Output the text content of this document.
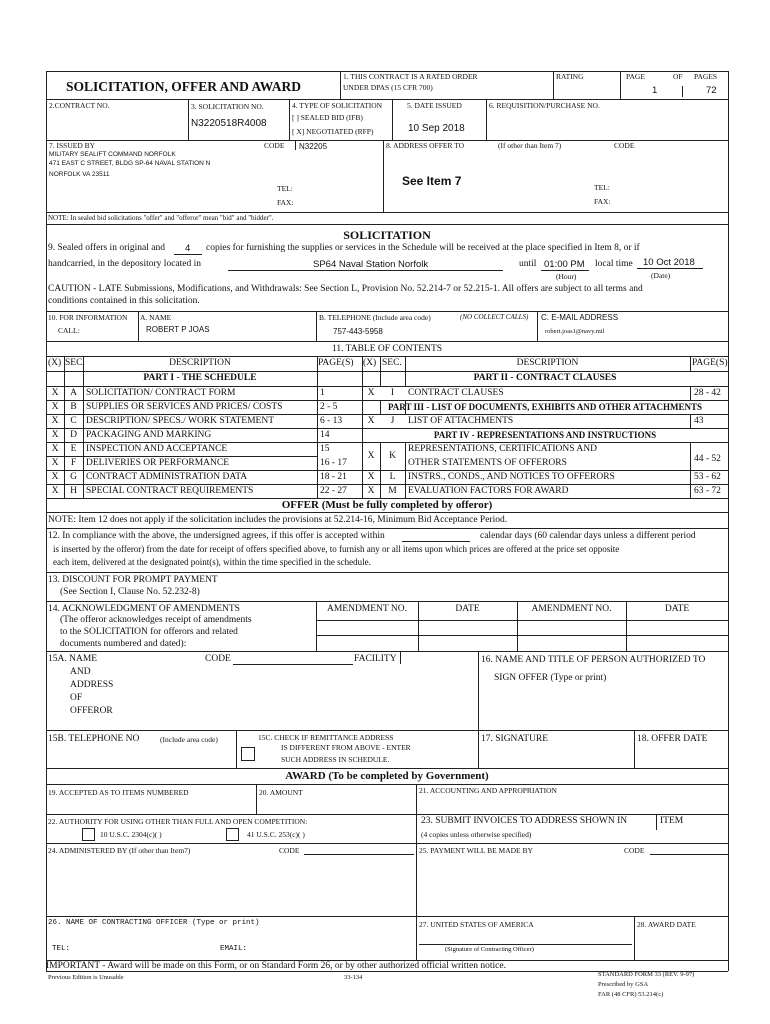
SOLICITATION, OFFER AND AWARD
1. THIS CONTRACT IS A RATED ORDER
UNDER DPAS (15 CFR 700)
RATING	PAGE	OF PAGES
1	72
2.CONTRACT NO.	3. SOLICITATION NO.
N3220518R4008
4. TYPE OF SOLICITATION
[ ] SEALED BID (IFB)
[ X] NEGOTIATED (RFP)
5. DATE ISSUED
10 Sep 2018
6. REQUISITION/PURCHASE NO.
7. ISSUED BY	CODE N32205
MILITARY SEALIFT COMMAND NORFOLK
471 EAST C STREET, BLDG SP-64 NAVAL STATION N
NORFOLK VA 23511
TEL:
FAX:
8. ADDRESS OFFER TO	(If other than Item 7)	CODE
See Item 7	TEL:
FAX:
NOTE: In sealed bid solicitations "offer" and "offeror" mean "bid" and "bidder".
SOLICITATION
9. Sealed offers in original and 4 copies for furnishing the supplies or services in the Schedule will be received at the place specified in Item 8, or if
handcarried, in the depository located in	SP64 Naval Station Norfolk	until 01:00 PM local time 10 Oct 2018
(Hour)	(Date)
CAUTION - LATE Submissions, Modifications, and Withdrawals: See Section L, Provision No. 52.214-7 or 52.215-1. All offers are subject to all terms and
conditions contained in this solicitation.
10. FOR INFORMATION
CALL:
A. NAME
ROBERT P JOAS
B. TELEPHONE (Include area code)	(NO COLLECT CALLS)
757-443-5958
C. E-MAIL ADDRESS
robert.joas1@navy.mil
11. TABLE OF CONTENTS
(X) SEC.	DESCRIPTION	PAGE(S) (X) SEC.	DESCRIPTION	PAGE(S)
PART I - THE SCHEDULE	PART II - CONTRACT CLAUSES
X	A SOLICITATION/ CONTRACT FORM	1
X	B SUPPLIES OR SERVICES AND PRICES/ COSTS	2 - 5
X	C DESCRIPTION/ SPECS./ WORK STATEMENT	6 - 13
X	D PACKAGING AND MARKING	14
X	E	INSPECTION AND ACCEPTANCE	15
X	F	DELIVERIES OR PERFORMANCE	16 - 17
X	G CONTRACT ADMINISTRATION DATA	18 - 21
X	H SPECIAL CONTRACT REQUIREMENTS	22 - 27
X	I	CONTRACT CLAUSES	28 - 42
PART III - LIST OF DOCUMENTS, EXHIBITS AND OTHER ATTACHMENTS
X	J	LIST OF ATTACHMENTS	43
PART IV - REPRESENTATIONS AND INSTRUCTIONS
X	K
REPRESENTATIONS, CERTIFICATIONS AND
OTHER STATEMENTS OF OFFERORS	44 - 52
X	L	INSTRS., CONDS., AND NOTICES TO OFFERORS	53 - 62
X	M	EVALUATION FACTORS FOR AWARD	63 - 72
OFFER (Must be fully completed by offeror)
NOTE: Item 12 does not apply if the solicitation includes the provisions at 52.214-16, Minimum Bid Acceptance Period.
12. In compliance with the above, the undersigned agrees, if this offer is accepted within	calendar days (60 calendar days unless a different period
is inserted by the offeror) from the date for receipt of offers specified above, to furnish any or all items upon which prices are offered at the price set opposite
each item, delivered at the designated point(s), within the time specified in the schedule.
13. DISCOUNT FOR PROMPT PAYMENT
(See Section I, Clause No. 52.232-8)
14. ACKNOWLEDGMENT OF AMENDMENTS
(The offeror acknowledges receipt of amendments
to the SOLICITATION for offerors and related
documents numbered and dated):
AMENDMENT NO.	DATE	AMENDMENT NO.	DATE
15A. NAME
AND
ADDRESS
OF
OFFEROR
CODE	FACILITY	16. NAME AND TITLE OF PERSON AUTHORIZED TO
SIGN OFFER (Type or print)
15B. TELEPHONE NO	(Include area code)	15C. CHECK IF REMITTANCE ADDRESS
IS DIFFERENT FROM ABOVE - ENTER
SUCH ADDRESS IN SCHEDULE.
17. SIGNATURE	18. OFFER DATE
AWARD (To be completed by Government)
19. ACCEPTED AS TO ITEMS NUMBERED	20. AMOUNT	21. ACCOUNTING AND APPROPRIATION
22. AUTHORITY FOR USING OTHER THAN FULL AND OPEN COMPETITION:
10 U.S.C. 2304(c)( )	41 U.S.C. 253(c)( )
23. SUBMIT INVOICES TO ADDRESS SHOWN IN
(4 copies unless otherwise specified)
ITEM
24. ADMINISTERED BY (If other than Item7)	CODE	25. PAYMENT WILL BE MADE BY	CODE
26. NAME OF CONTRACTING OFFICER (Type or print)	27. UNITED STATES OF AMERICA	28. AWARD DATE
TEL:	EMAIL:	(Signature of Contracting Officer)
IMPORTANT - Award will be made on this Form, or on Standard Form 26, or by other authorized official written notice.
Previous Edition is Unusable	33-134	STANDARD FORM 33 (REV. 9-97)
Prescribed by GSA
FAR (48 CFR) 53.214(c)
